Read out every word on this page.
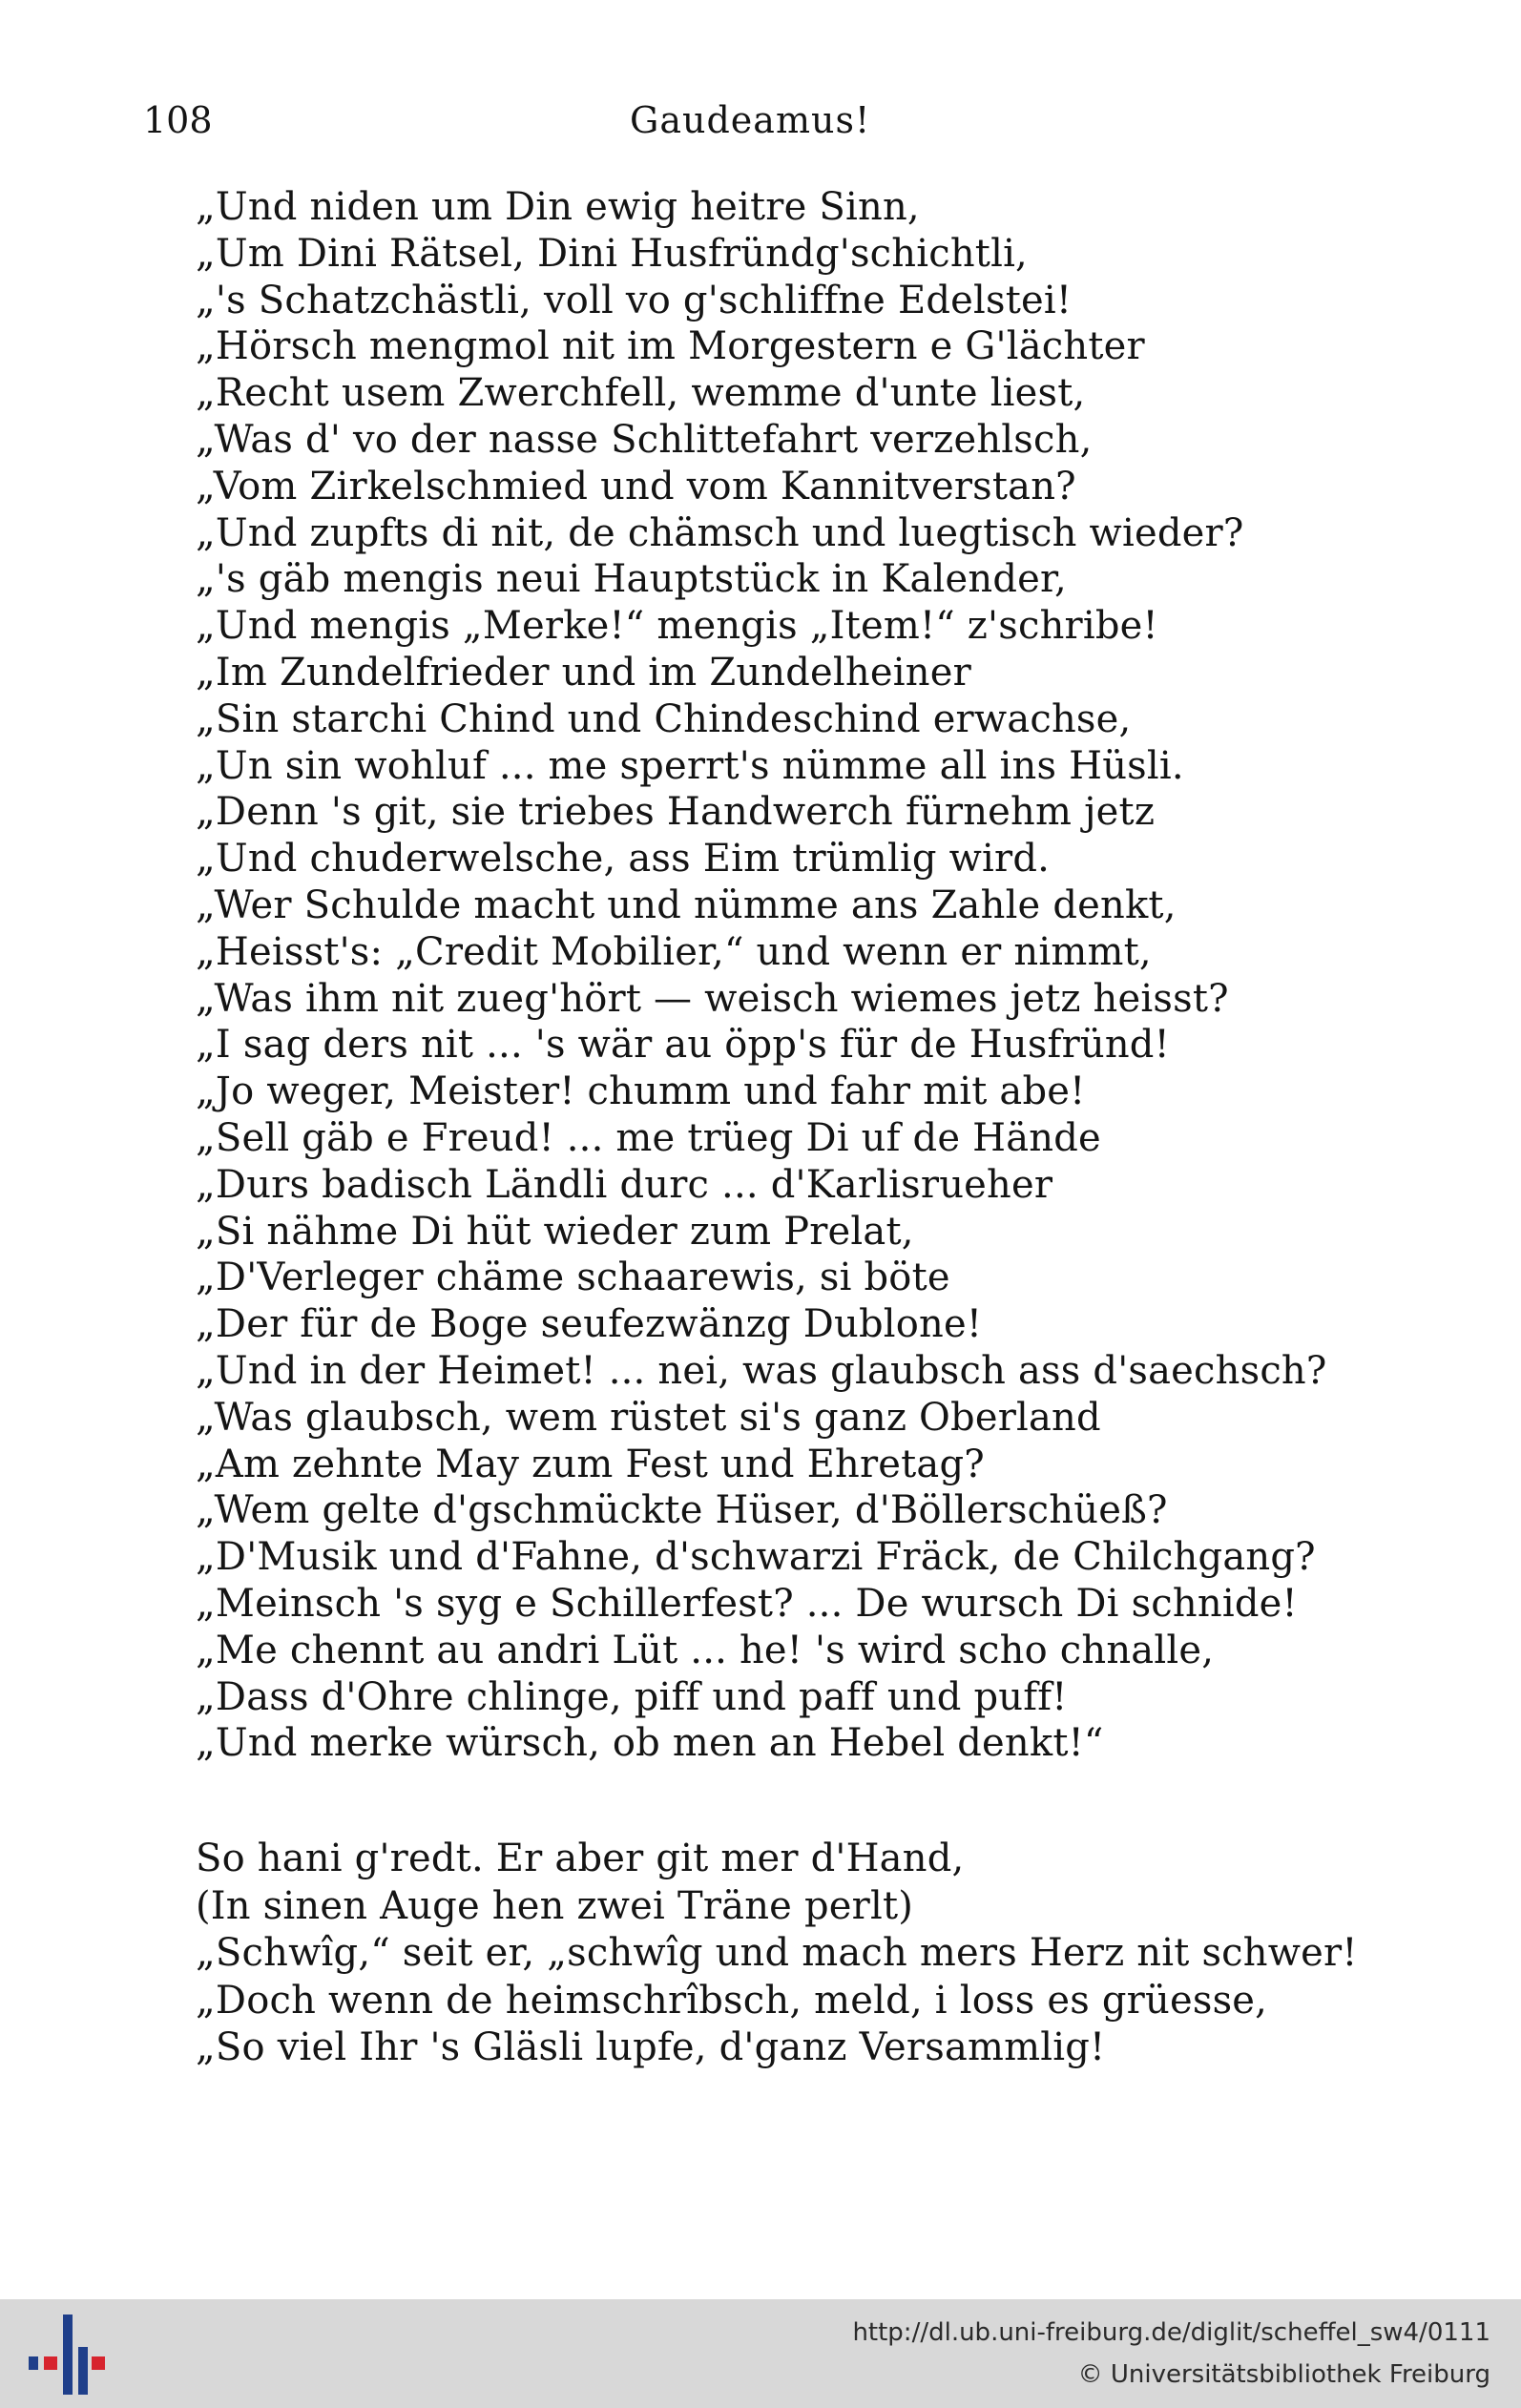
108	Gaudeamus!
„Und niden um Din ewig heitre Sinn,
„Um Dini Rätsel, Dini Husfründg'schichtli,
„'s Schatzchästli, voll vo g'schliffne Edelstei!
„Hörsch mengmol nit im Morgestern e G'lächter
„Recht usem Zwerchfell, wemme d'unte liest,
„Was d' vo der nasse Schlittefahrt verzehlsch,
„Vom Zirkelschmied und vom Kannitverstan?
„Und zupfts di nit, de chämsch und luegtisch wieder?
„'s gäb mengis neui Hauptstück in Kalender,
„Und mengis „Merke!“ mengis „Item!“ z'schribe!
„Im Zundelfrieder und im Zundelheiner
„Sin starchi Chind und Chindeschind erwachse,
„Un sin wohluf ... me sperrt's nümme all ins Hüsli.
„Denn 's git, sie triebes Handwerch fürnehm jetz
„Und chuderwelsche, ass Eim trümlig wird.
„Wer Schulde macht und nümme ans Zahle denkt,
„Heisst's: „Credit Mobilier,“ und wenn er nimmt,
„Was ihm nit zueg'hört — weisch wiemes jetz heisst?
„I sag ders nit ... 's wär au öpp's für de Husfründ!
„Jo weger, Meister! chumm und fahr mit abe!
„Sell gäb e Freud! ... me trüeg Di uf de Hände
„Durs badisch Ländli durc ... d'Karlisrueher
„Si nähme Di hüt wieder zum Prelat,
„D'Verleger chäme schaarewis, si böte
„Der für de Boge seufezwänzg Dublone!
„Und in der Heimet! ... nei, was glaubsch ass d'saechsch?
„Was glaubsch, wem rüstet si's ganz Oberland
„Am zehnte May zum Fest und Ehretag?
„Wem gelte d'gschmückte Hüser, d'Böllerschüeß?
„D'Musik und d'Fahne, d'schwarzi Fräck, de Chilchgang?
„Meinsch 's syg e Schillerfest? ... De wursch Di schnide!
„Me chennt au andri Lüt ... he! 's wird scho chnalle,
„Dass d'Ohre chlinge, piff und paff und puff!
„Und merke würsch, ob men an Hebel denkt!“
So hani g'redt. Er aber git mer d'Hand,
(In sinen Auge hen zwei Träne perlt)
„Schwîg,“ seit er, „schwîg und mach mers Herz nit schwer!
„Doch wenn de heimschrîbsch, meld, i loss es grüesse,
„So viel Ihr 's Gläsli lupfe, d'ganz Versammlig!
http://dl.ub.uni-freiburg.de/diglit/scheffel_sw4/0111
© Universitätsbibliothek Freiburg
